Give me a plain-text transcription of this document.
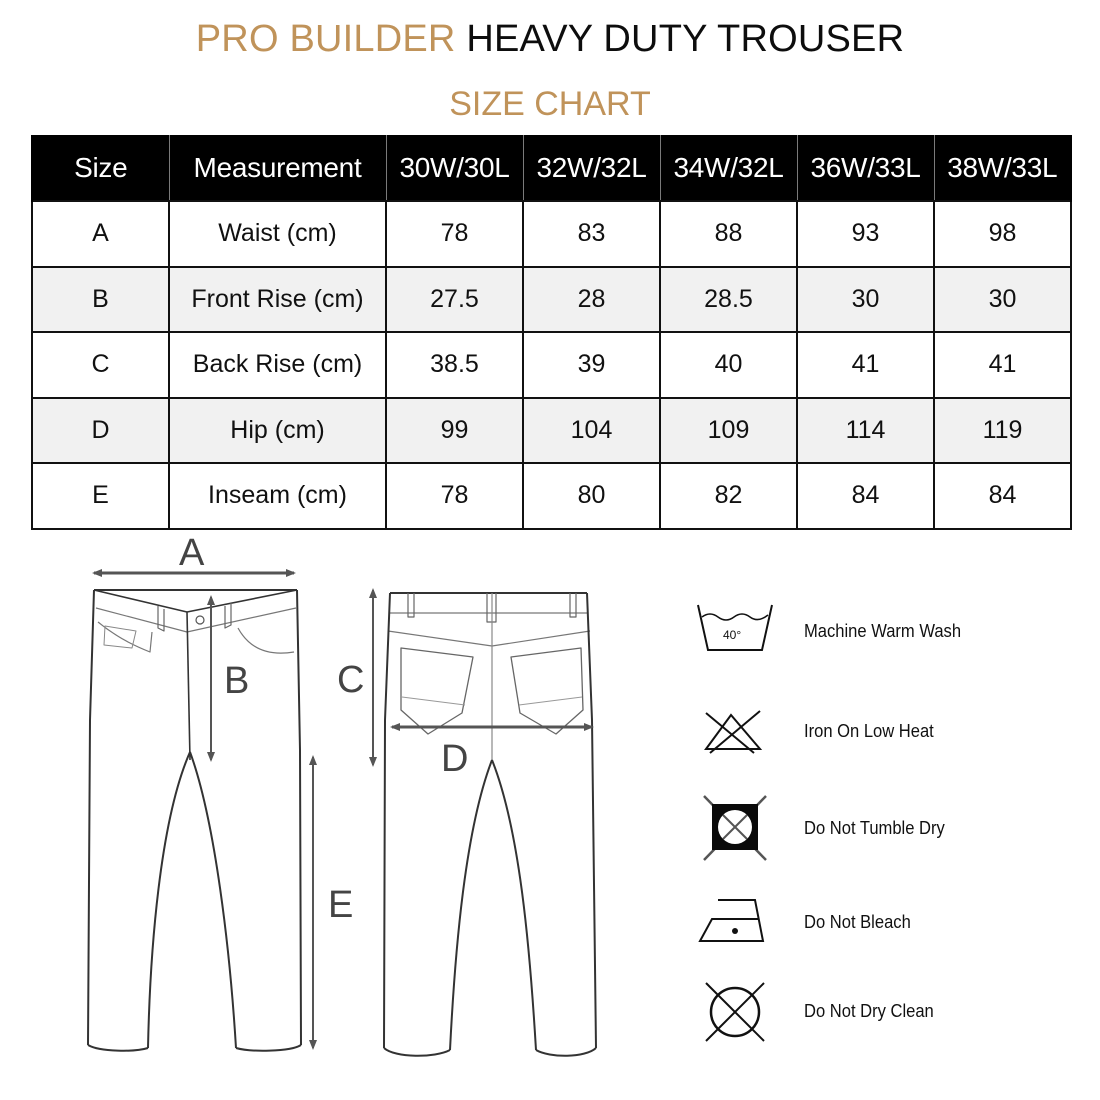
PRO BUILDER HEAVY DUTY TROUSER
SIZE CHART
Size	Measurement	30W/30L	32W/32L	34W/32L	36W/33L	38W/33L
A	Waist (cm)	78	83	88	93	98
B	Front Rise (cm)	27.5	28	28.5	30	30
C	Back Rise (cm)	38.5	39	40	41	41
D	Hip (cm)	99	104	109	114	119
E	Inseam (cm)	78	80	82	84	84
A
B C
D
E
40°	Machine Warm Wash
Iron On Low Heat
Do Not Tumble Dry
Do Not Bleach
Do Not Dry Clean
